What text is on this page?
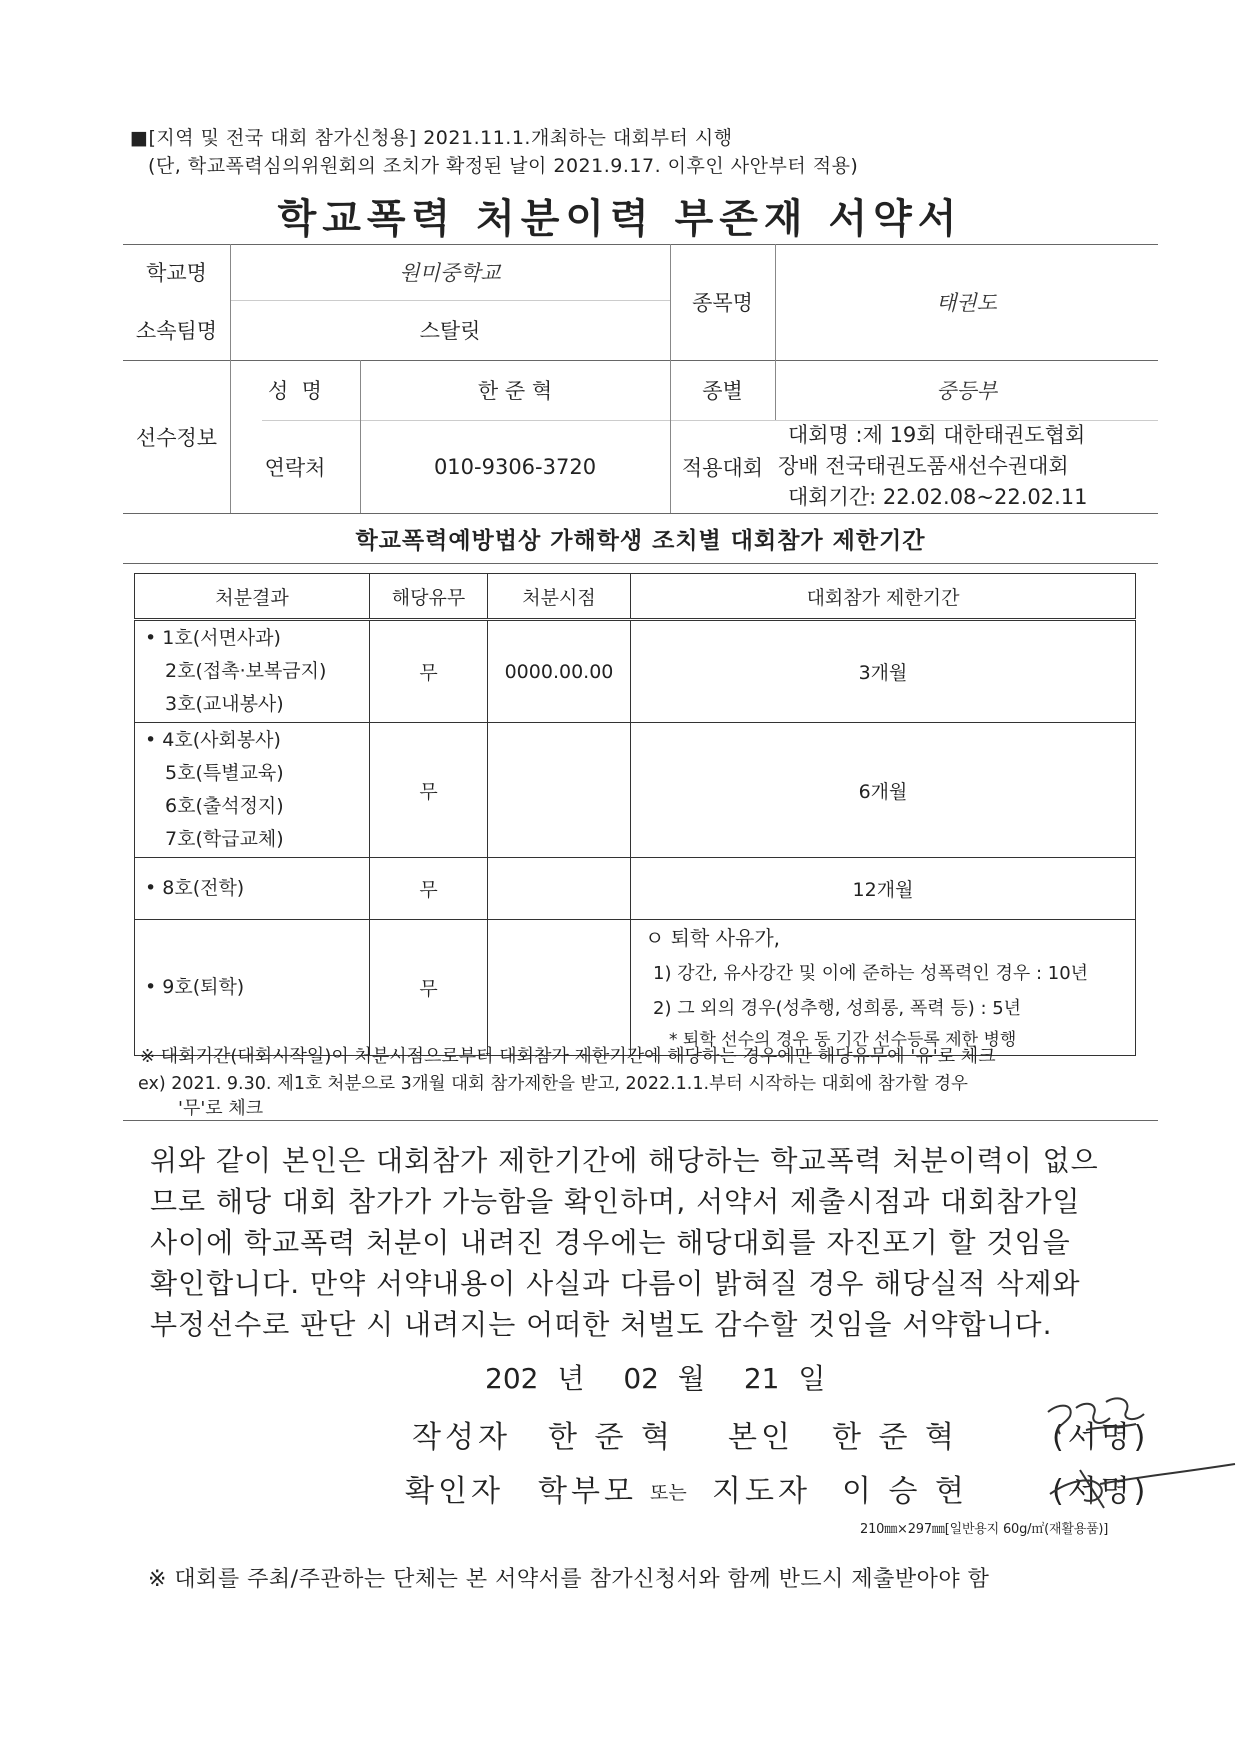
■[지역 및 전국 대회 참가신청용] 2021.11.1.개최하는 대회부터 시행
(단, 학교폭력심의위원회의 조치가 확정된 날이 2021.9.17. 이후인 사안부터 적용)
학교폭력 처분이력 부존재 서약서
학교명	원미중학교
소속팀명	스탈릿
종목명	태권도
선수정보
성  명	한 준 혁	종별	중등부
연락처	010-9306-3720	적용대회
대회명 :제 19회 대한태권도협회
장배 전국태권도품새선수권대회
대회기간: 22.02.08~22.02.11
학교폭력예방법상 가해학생 조치별 대회참가 제한기간
처분결과	해당유무	처분시점	대회참가 제한기간

• 1호(서면사과)
2호(접촉·보복금지)
3호(교내봉사)	무	0000.00.00	3개월

• 4호(사회봉사)
5호(특별교육)
6호(출석정지)
7호(학급교체)	무		6개월

• 8호(전학)	무		12개월

• 9호(퇴학)	무		ㅇ 퇴학 사유가,
1) 강간, 유사강간 및 이에 준하는 성폭력인 경우 : 10년
2) 그 외의 경우(성추행, 성희롱, 폭력 등) : 5년
* 퇴학 선수의 경우 동 기간 선수등록 제한 병행
※ 대회기간(대회시작일)이 처분시점으로부터 대회참가 제한기간에 해당하는 경우에만 해당유무에 '유'로 체크
ex) 2021. 9.30. 제1호 처분으로 3개월 대회 참가제한을 받고, 2022.1.1.부터 시작하는 대회에 참가할 경우
'무'로 체크
위와 같이 본인은 대회참가 제한기간에 해당하는 학교폭력 처분이력이 없으
므로 해당 대회 참가가 가능함을 확인하며, 서약서 제출시점과 대회참가일
사이에 학교폭력 처분이 내려진 경우에는 해당대회를 자진포기 할 것임을
확인합니다. 만약 서약내용이 사실과 다름이 밝혀질 경우 해당실적 삭제와
부정선수로 판단 시 내려지는 어떠한 처벌도 감수할 것임을 서약합니다.
202 년 02 월 21 일
작성자 한 준 혁 본인 한 준 혁	(서명)
확인자 학부모 또는 지도자 이 승 현	(서명)
210㎜×297㎜[일반용지 60g/㎡(재활용품)]
※ 대회를 주최/주관하는 단체는 본 서약서를 참가신청서와 함께 반드시 제출받아야 함
